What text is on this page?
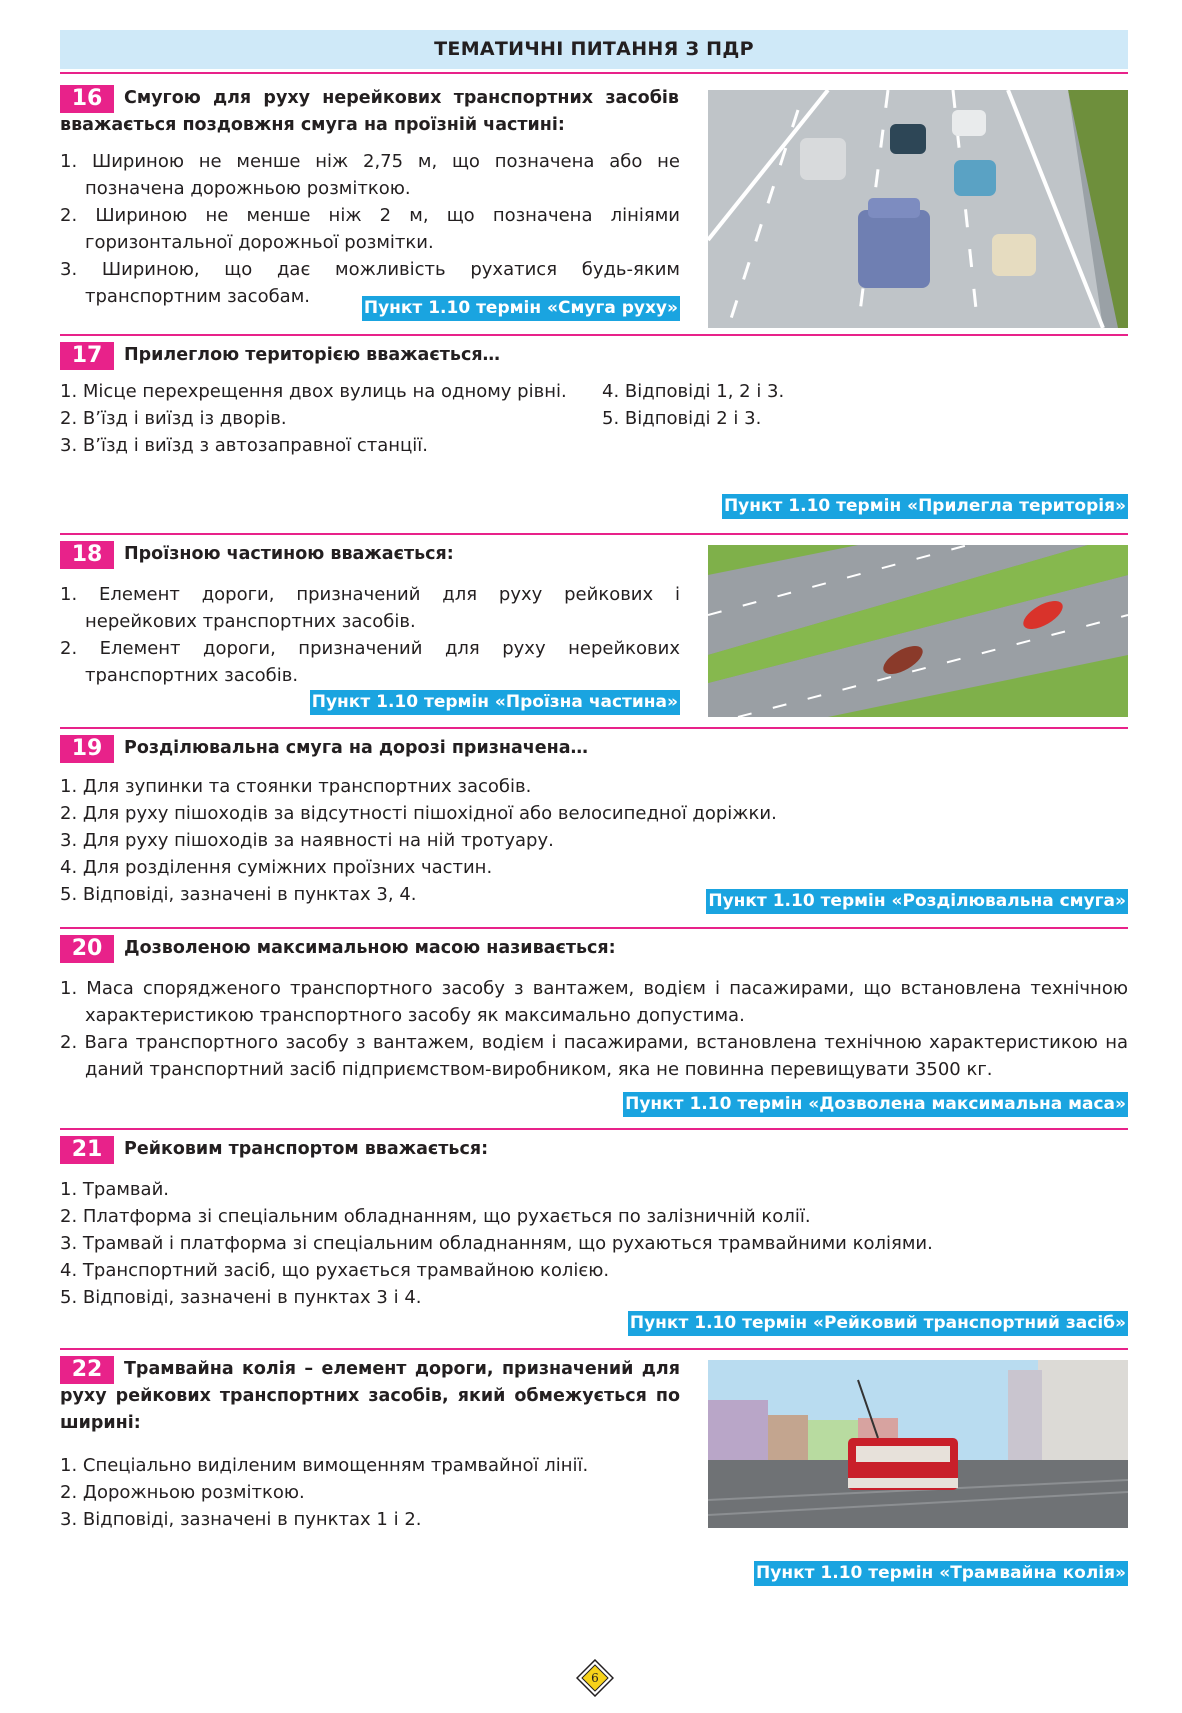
ТЕМАТИЧНІ ПИТАННЯ З ПДР
16	Смугою для руху нерейкових транспортних засобів
вважається поздовжня смуга на проїзній частині:
1. Шириною не менше ніж 2,75 м, що позначена або не позначена дорожньою розміткою.
2. Шириною не менше ніж 2 м, що позначена лініями горизонтальної дорожньої розмітки.
3. Шириною, що дає можливість рухатися будь-яким транспортним засобам.
Пункт 1.10 термін «Смуга руху»
17	Прилеглою територією вважається…
1. Місце перехрещення двох вулиць на одному рівні.
2. В’їзд і виїзд із дворів.
3. В’їзд і виїзд з автозаправної станції.
4. Відповіді 1, 2 і 3.
5. Відповіді 2 і 3.
Пункт 1.10 термін «Прилегла територія»
18	Проїзною частиною вважається:
1. Елемент дороги, призначений для руху рейкових і нерейкових транспортних засобів.
2. Елемент дороги, призначений для руху нерейкових транспортних засобів.
Пункт 1.10 термін «Проїзна частина»
19	Розділювальна смуга на дорозі призначена…
1. Для зупинки та стоянки транспортних засобів.
2. Для руху пішоходів за відсутності пішохідної або велосипедної доріжки.
3. Для руху пішоходів за наявності на ній тротуару.
4. Для розділення суміжних проїзних частин.
5. Відповіді, зазначені в пунктах 3, 4.	Пункт 1.10 термін «Розділювальна смуга»
20	Дозволеною максимальною масою називається:
1. Маса спорядженого транспортного засобу з вантажем, водієм і пасажирами, що встановлена технічною характеристикою транспортного засобу як максимально допустима.
2. Вага транспортного засобу з вантажем, водієм і пасажирами, встановлена технічною характеристикою на даний транспортний засіб підприємством-виробником, яка не повинна перевищувати 3500 кг.
Пункт 1.10 термін «Дозволена максимальна маса»
21	Рейковим транспортом вважається:
1. Трамвай.
2. Платформа зі спеціальним обладнанням, що рухається по залізничній колії.
3. Трамвай і платформа зі спеціальним обладнанням, що рухаються трамвайними коліями.
4. Транспортний засіб, що рухається трамвайною колією.
5. Відповіді, зазначені в пунктах 3 і 4.
Пункт 1.10 термін «Рейковий транспортний засіб»
22	Трамвайна колія – елемент дороги, призначений для руху рейкових транспортних засобів, який обмежується по ширині:
1. Спеціально виділеним вимощенням трамвайної лінії.
2. Дорожньою розміткою.
3. Відповіді, зазначені в пунктах 1 і 2.
Пункт 1.10 термін «Трамвайна колія»
6
